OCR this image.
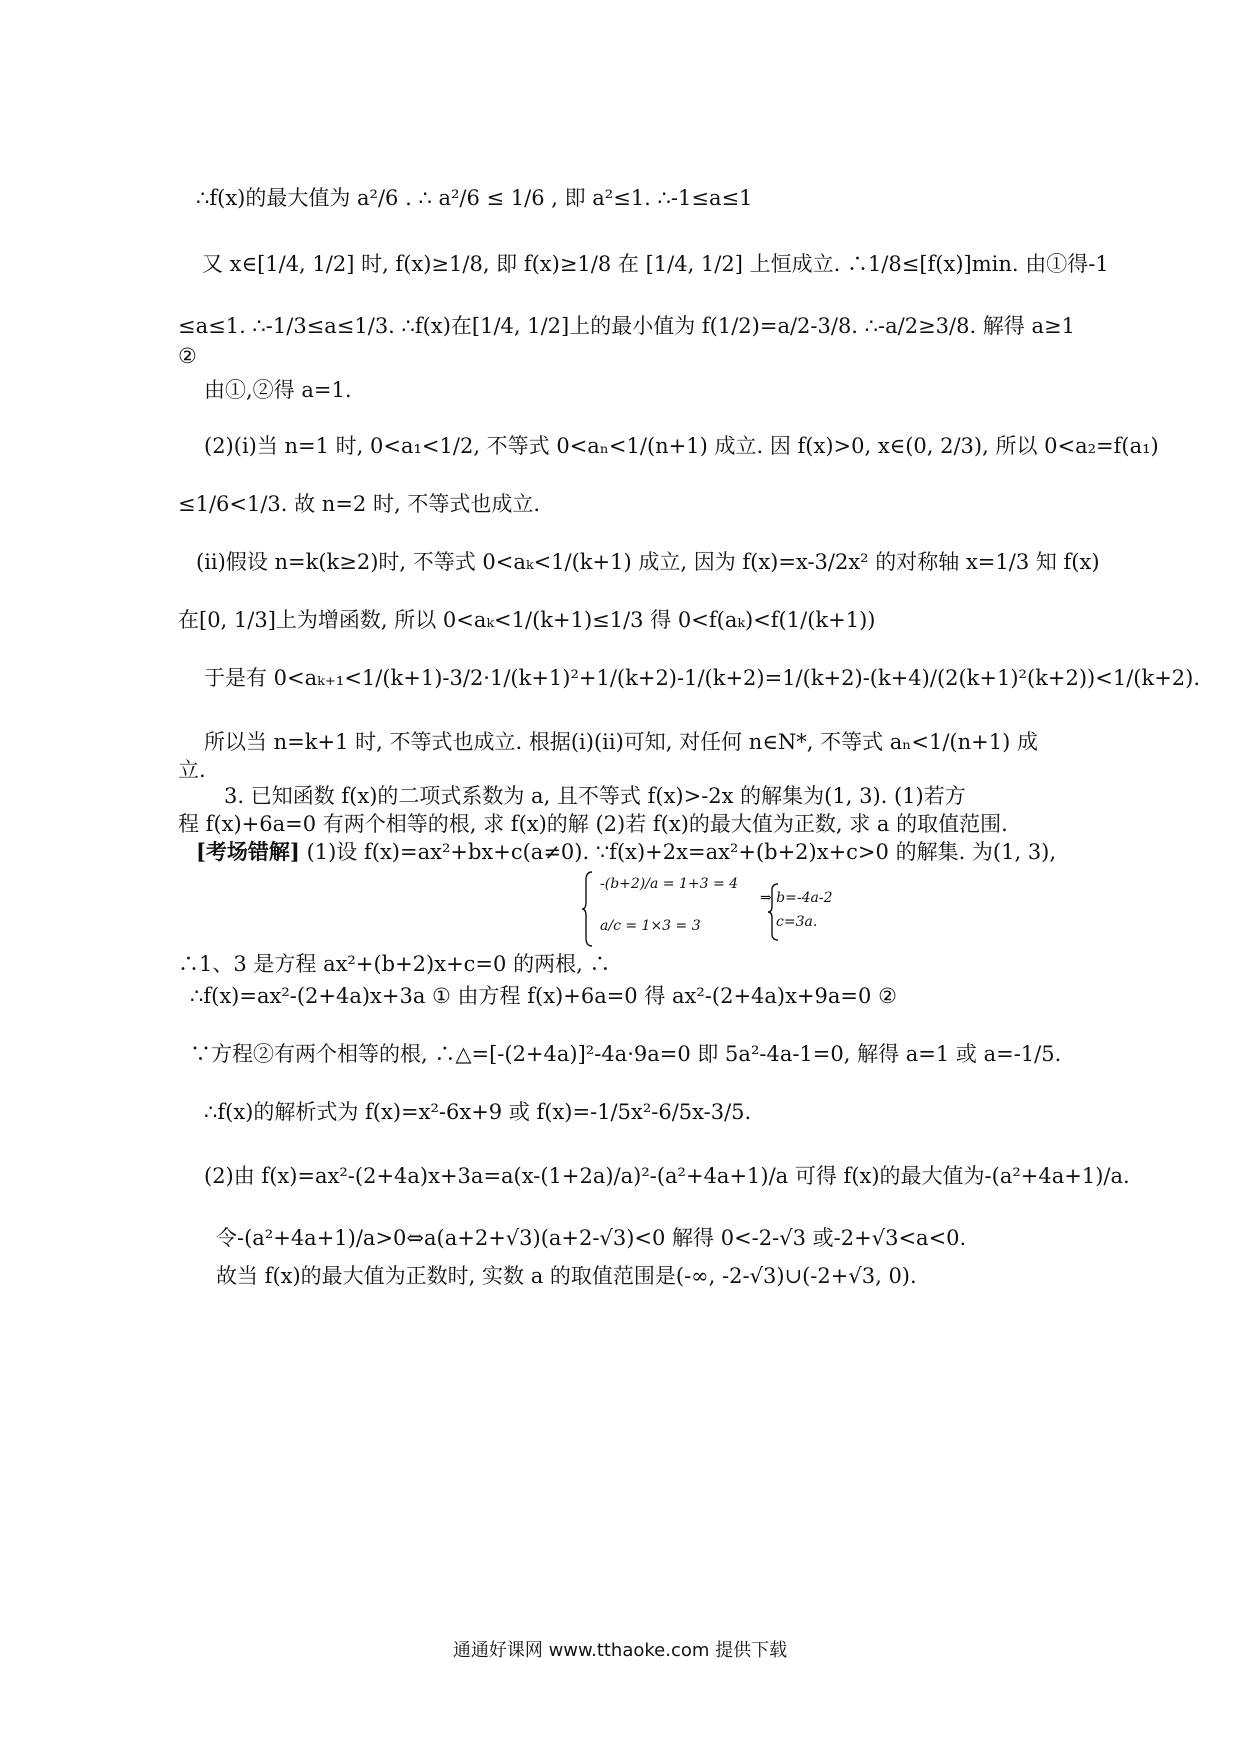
∴f(x)的最大值为 a²/6 . ∴ a²/6 ≤ 1/6 , 即 a²≤1. ∴-1≤a≤1
又 x∈[1/4, 1/2] 时, f(x)≥1/8, 即 f(x)≥1/8 在 [1/4, 1/2] 上恒成立. ∴1/8≤[f(x)]min. 由①得-1
≤a≤1. ∴-1/3≤a≤1/3. ∴f(x)在[1/4, 1/2]上的最小值为 f(1/2)=a/2-3/8. ∴-a/2≥3/8. 解得 a≥1
②
由①,②得 a=1.
(2)(i)当 n=1 时, 0<a₁<1/2, 不等式 0<aₙ<1/(n+1) 成立. 因 f(x)>0, x∈(0, 2/3), 所以 0<a₂=f(a₁)
≤1/6<1/3. 故 n=2 时, 不等式也成立.
(ii)假设 n=k(k≥2)时, 不等式 0<aₖ<1/(k+1) 成立, 因为 f(x)=x-3/2x² 的对称轴 x=1/3 知 f(x)
在[0, 1/3]上为增函数, 所以 0<aₖ<1/(k+1)≤1/3 得 0<f(aₖ)<f(1/(k+1))
于是有 0<aₖ₊₁<1/(k+1)-3/2·1/(k+1)²+1/(k+2)-1/(k+2)=1/(k+2)-(k+4)/(2(k+1)²(k+2))<1/(k+2).
所以当 n=k+1 时, 不等式也成立. 根据(i)(ii)可知, 对任何 n∈N*, 不等式 aₙ<1/(n+1) 成
立.
3. 已知函数 f(x)的二项式系数为 a, 且不等式 f(x)>-2x 的解集为(1, 3). (1)若方
程 f(x)+6a=0 有两个相等的根, 求 f(x)的解 (2)若 f(x)的最大值为正数, 求 a 的取值范围.
[考场错解] (1)设 f(x)=ax²+bx+c(a≠0). ∵f(x)+2x=ax²+(b+2)x+c>0 的解集. 为(1, 3),
-(b+2)/a = 1+3 = 4
a/c = 1×3 = 3
⇒ b=-4a-2
c=3a.
∴1、3 是方程 ax²+(b+2)x+c=0 的两根, ∴
∴f(x)=ax²-(2+4a)x+3a ① 由方程 f(x)+6a=0 得 ax²-(2+4a)x+9a=0 ②
∵方程②有两个相等的根, ∴△=[-(2+4a)]²-4a·9a=0 即 5a²-4a-1=0, 解得 a=1 或 a=-1/5.
∴f(x)的解析式为 f(x)=x²-6x+9 或 f(x)=-1/5x²-6/5x-3/5.
(2)由 f(x)=ax²-(2+4a)x+3a=a(x-(1+2a)/a)²-(a²+4a+1)/a 可得 f(x)的最大值为-(a²+4a+1)/a.
令-(a²+4a+1)/a>0⇔a(a+2+√3)(a+2-√3)<0 解得 0<-2-√3 或-2+√3<a<0.
故当 f(x)的最大值为正数时, 实数 a 的取值范围是(-∞, -2-√3)∪(-2+√3, 0).
通通好课网 www.tthaoke.com 提供下载
